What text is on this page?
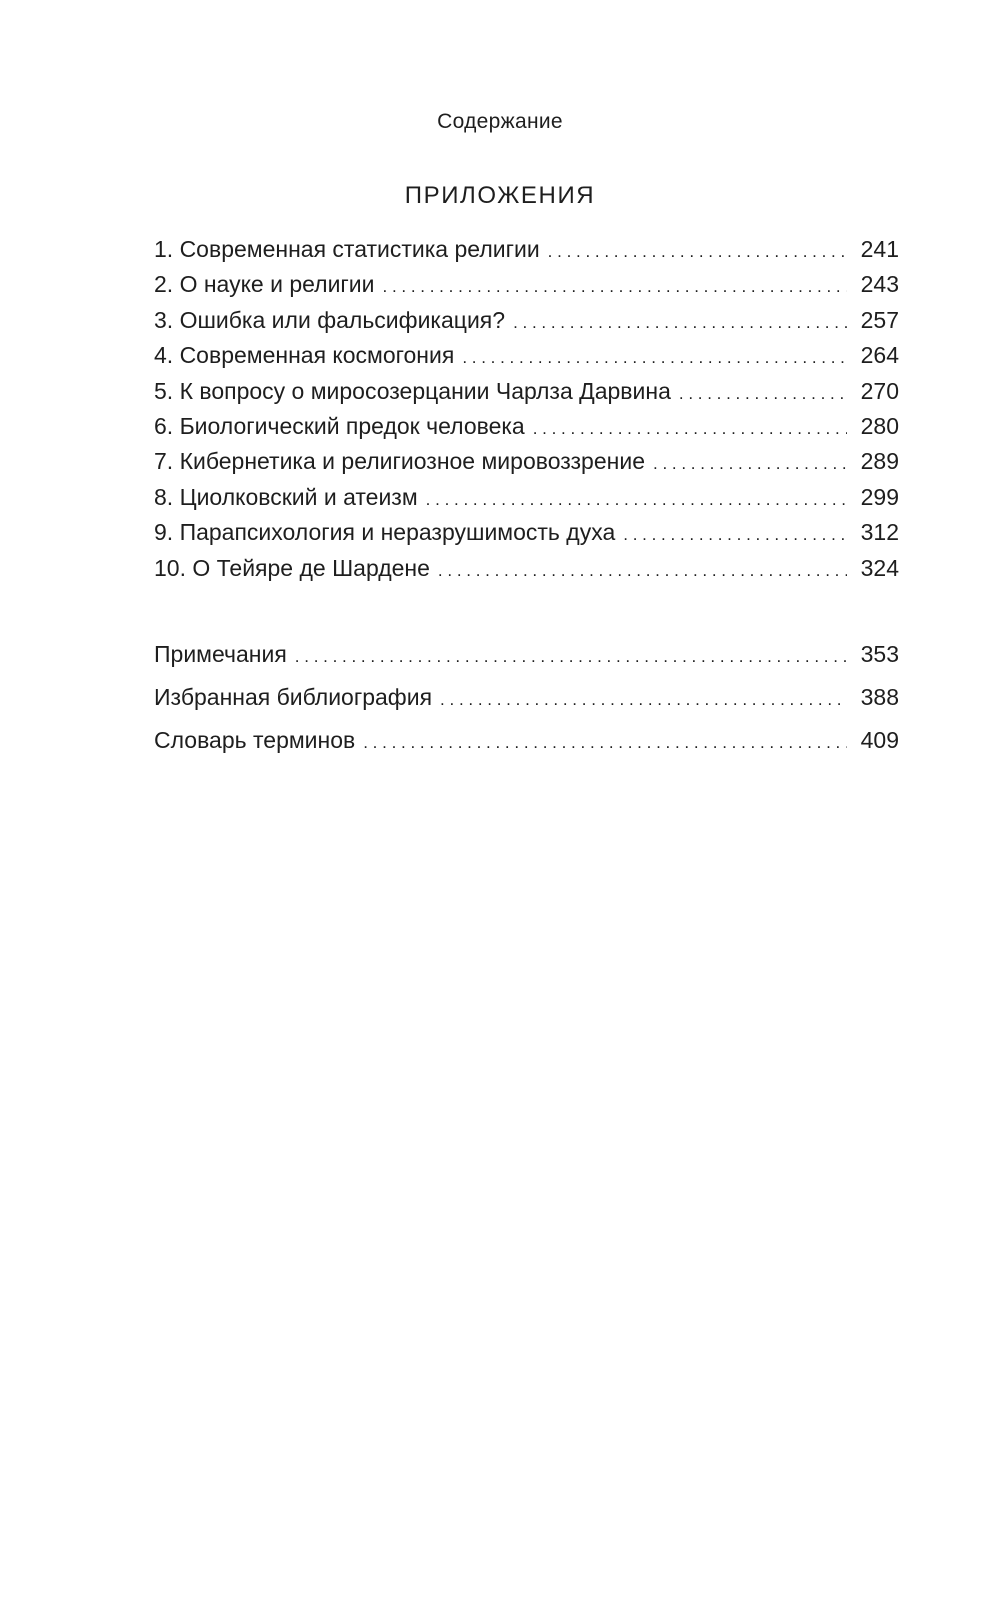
Содержание
ПРИЛОЖЕНИЯ
1. Современная статистика религии . . .	241
2. О науке и религии . . .	243
3. Ошибка или фальсификация? . . .	257
4. Современная космогония . . .	264
5. К вопросу о миросозерцании Чарлза Дарвина . . .	270
6. Биологический предок человека . . .	280
7. Кибернетика и религиозное мировоззрение . . .	289
8. Циолковский и атеизм . . .	299
9. Парапсихология и неразрушимость духа . . .	312
10. О Тейяре де Шардене . . .	324
Примечания . . .	353
Избранная библиография . . .	388
Словарь терминов . . .	409
